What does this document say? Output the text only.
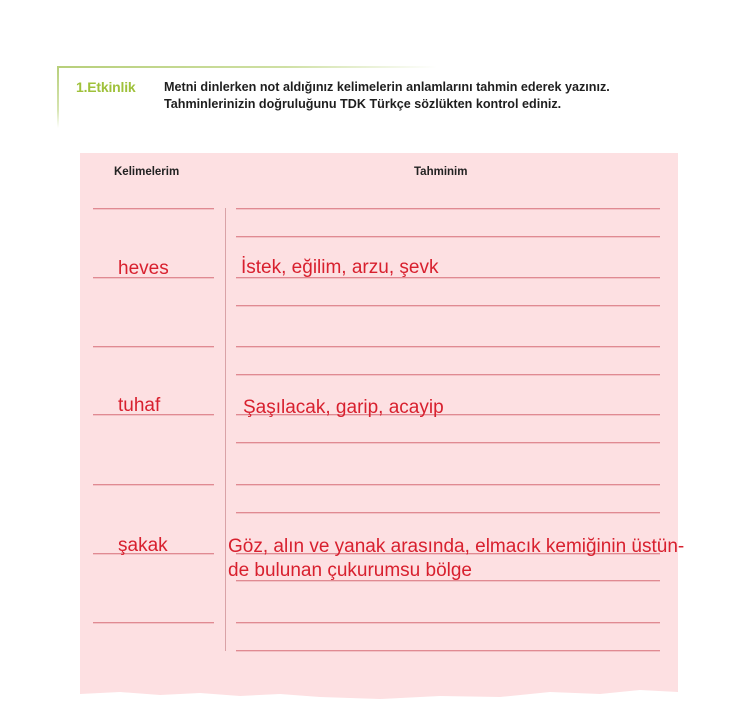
1.Etkinlik Metni dinlerken not aldığınız kelimelerin anlamlarını tahmin ederek yazınız. Tahminlerinizin doğruluğunu TDK Türkçe sözlükten kontrol ediniz.
Kelimelerim	Tahminim
heves	İstek, eğilim, arzu, şevk
tuhaf	Şaşılacak, garip, acayip
şakak	Göz, alın ve yanak arasında, elmacık kemiğinin üstün-
de bulunan çukurumsu bölge
